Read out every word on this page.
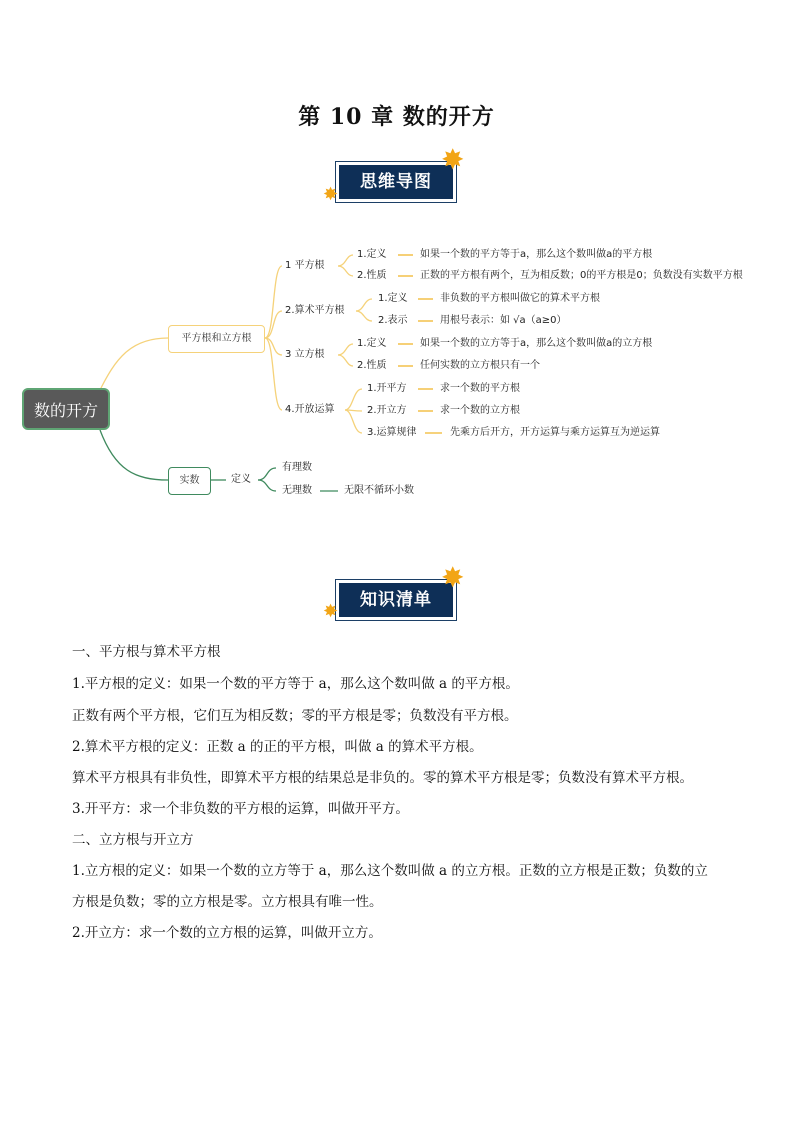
第 10 章 数的开方
思维导图
✸
✸
数的开方
平方根和立方根
实数
1 平方根
1.定义	如果一个数的平方等于a，那么这个数叫做a的平方根
2.性质	正数的平方根有两个，互为相反数；0的平方根是0；负数没有实数平方根
2.算术平方根
1.定义	非负数的平方根叫做它的算术平方根
2.表示	用根号表示：如 √a（a≥0）
3 立方根
1.定义	如果一个数的立方等于a，那么这个数叫做a的立方根
2.性质	任何实数的立方根只有一个
4.开放运算
1.开平方	求一个数的平方根
2.开立方	求一个数的立方根
3.运算规律	先乘方后开方，开方运算与乘方运算互为逆运算
定义
有理数
无理数	无限不循环小数
知识清单
✸
✸
一、平方根与算术平方根
1.平方根的定义：如果一个数的平方等于 a，那么这个数叫做 a 的平方根。
正数有两个平方根，它们互为相反数；零的平方根是零；负数没有平方根。
2.算术平方根的定义：正数 a 的正的平方根，叫做 a 的算术平方根。
算术平方根具有非负性，即算术平方根的结果总是非负的。零的算术平方根是零；负数没有算术平方根。
3.开平方：求一个非负数的平方根的运算，叫做开平方。
二、立方根与开立方
1.立方根的定义：如果一个数的立方等于 a，那么这个数叫做 a 的立方根。正数的立方根是正数；负数的立
方根是负数；零的立方根是零。立方根具有唯一性。
2.开立方：求一个数的立方根的运算，叫做开立方。
